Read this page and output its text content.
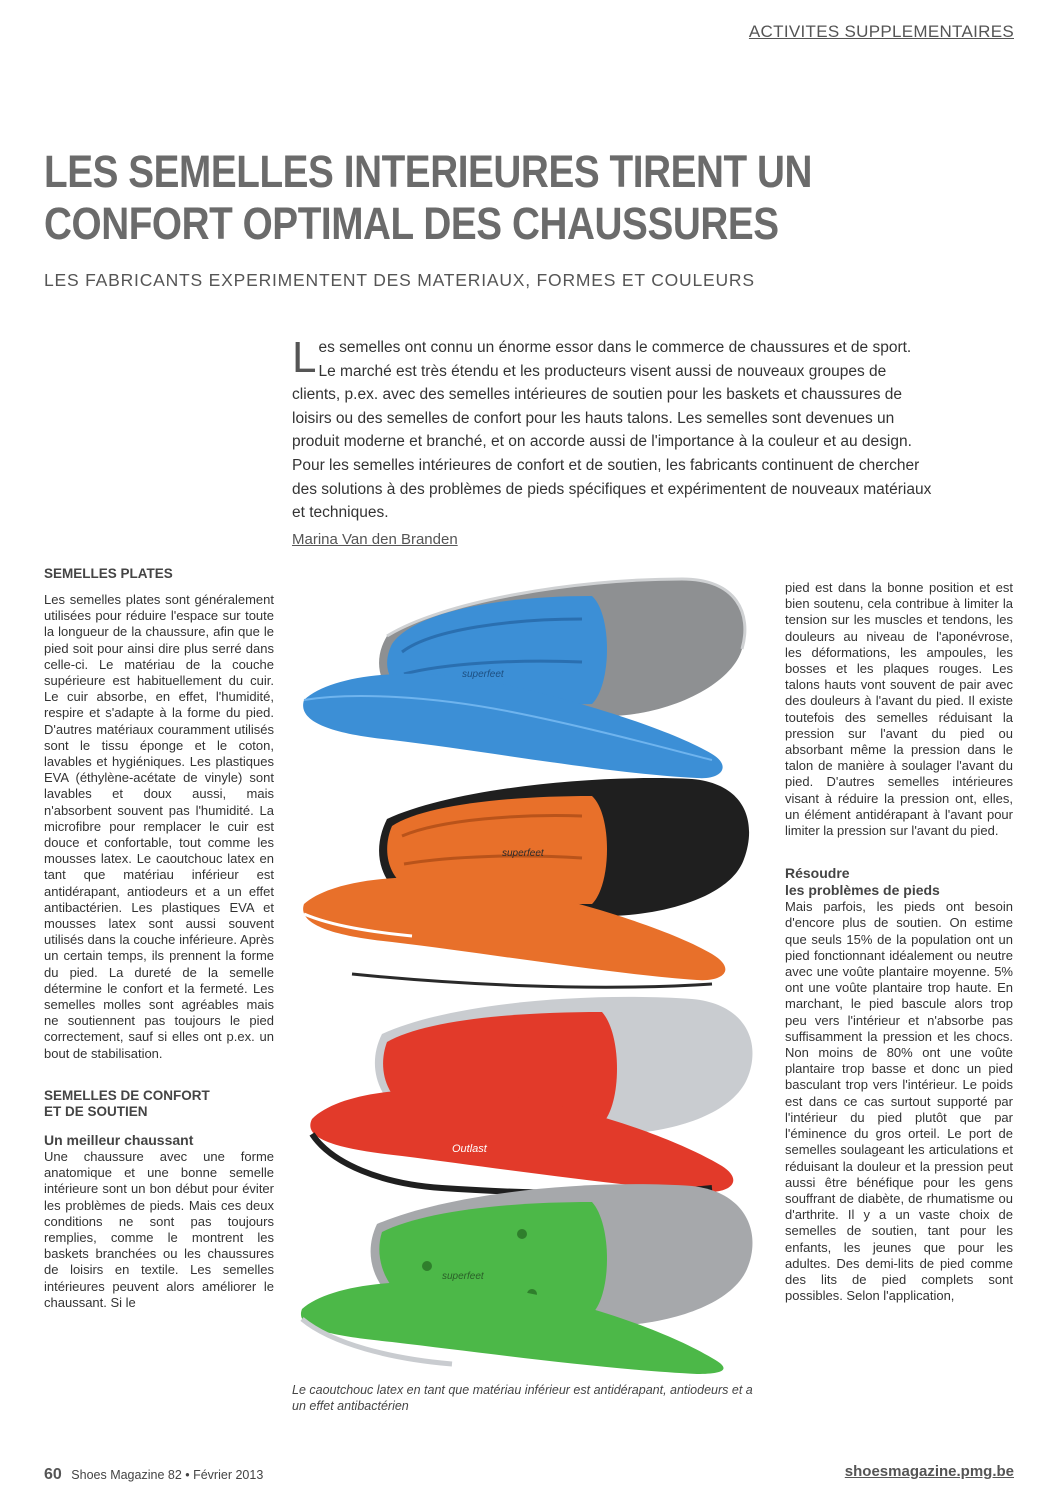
ACTIVITES SUPPLEMENTAIRES
LES SEMELLES INTERIEURES TIRENT UN
CONFORT OPTIMAL DES CHAUSSURES
LES FABRICANTS EXPERIMENTENT DES MATERIAUX, FORMES ET COULEURS

Les semelles ont connu un énorme essor dans le commerce de chaussures et de sport. Le marché est très étendu et les producteurs visent aussi de nouveaux groupes de clients, p.ex. avec des semelles intérieures de soutien pour les baskets et chaussures de loisirs ou des semelles de confort pour les hauts talons. Les semelles sont devenues un produit moderne et branché, et on accorde aussi de l'importance à la couleur et au design. Pour les semelles intérieures de confort et de soutien, les fabricants continuent de chercher des solutions à des problèmes de pieds spécifiques et expérimentent de nouveaux matériaux et techniques.

Marina Van den Branden
SEMELLES PLATES

Les semelles plates sont généralement utilisées pour réduire l'espace sur toute la longueur de la chaussure, afin que le pied soit pour ainsi dire plus serré dans celle-ci. Le matériau de la couche supérieure est habituellement du cuir. Le cuir absorbe, en effet, l'humidité, respire et s'adapte à la forme du pied. D'autres matériaux couramment utilisés sont le tissu éponge et le coton, lavables et hygiéniques. Les plastiques EVA (éthylène-acétate de vinyle) sont lavables et doux aussi, mais n'absorbent souvent pas l'humidité. La microfibre pour remplacer le cuir est douce et confortable, tout comme les mousses latex. Le caoutchouc latex en tant que matériau inférieur est antidérapant, antiodeurs et a un effet antibactérien. Les plastiques EVA et mousses latex sont aussi souvent utilisés dans la couche inférieure. Après un certain temps, ils prennent la forme du pied. La dureté de la semelle détermine le confort et la fermeté. Les semelles molles sont agréables mais ne soutiennent pas toujours le pied correctement, sauf si elles ont p.ex. un bout de stabilisation.

SEMELLES DE CONFORT
ET DE SOUTIEN
Un meilleur chaussant

Une chaussure avec une forme anatomique et une bonne semelle intérieure sont un bon début pour éviter les problèmes de pieds. Mais ces deux conditions ne sont pas toujours remplies, comme le montrent les baskets branchées ou les chaussures de loisirs en textile. Les semelles intérieures peuvent alors améliorer le chaussant. Si le

superfeet
superfeet
Outlast
superfeet

Le caoutchouc latex en tant que matériau inférieur est antidérapant, antiodeurs et a un effet antibactérien

pied est dans la bonne position et est bien soutenu, cela contribue à limiter la tension sur les muscles et tendons, les douleurs au niveau de l'aponévrose, les déformations, les ampoules, les bosses et les plaques rouges. Les talons hauts vont souvent de pair avec des douleurs à l'avant du pied. Il existe toutefois des semelles réduisant la pression sur l'avant du pied ou absorbant même la pression dans le talon de manière à soulager l'avant du pied. D'autres semelles intérieures visant à réduire la pression ont, elles, un élément antidérapant à l'avant pour limiter la pression sur l'avant du pied.

Résoudre
les problèmes de pieds

Mais parfois, les pieds ont besoin d'encore plus de soutien. On estime que seuls 15% de la population ont un pied fonctionnant idéalement ou neutre avec une voûte plantaire moyenne. 5% ont une voûte plantaire trop haute. En marchant, le pied bascule alors trop peu vers l'intérieur et n'absorbe pas suffisamment la pression et les chocs. Non moins de 80% ont une voûte plantaire trop basse et donc un pied basculant trop vers l'intérieur. Le poids est dans ce cas surtout supporté par l'intérieur du pied plutôt que par l'éminence du gros orteil. Le port de semelles soulageant les articulations et réduisant la douleur et la pression peut aussi être bénéfique pour les gens souffrant de diabète, de rhumatisme ou d'arthrite. Il y a un vaste choix de semelles de soutien, tant pour les enfants, les jeunes que pour les adultes. Des demi-lits de pied comme des lits de pied complets sont possibles. Selon l'application,

60 Shoes Magazine 82 • Février 2013	shoesmagazine.pmg.be
